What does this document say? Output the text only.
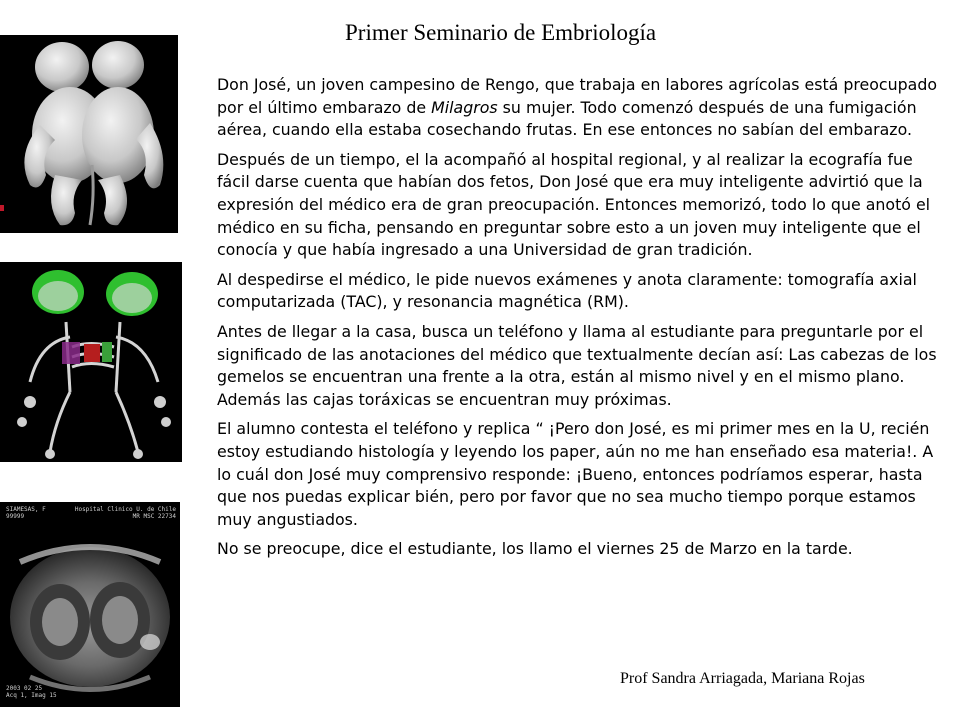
Primer Seminario de Embriología
SIAMESAS, F
99999
Hospital Clinico U. de Chile
MR MSC 22734
2003 02 25
Acq 1, Imag 15

Don José, un joven campesino de Rengo, que trabaja en labores agrícolas está preocupado por el último embarazo de Milagros su mujer. Todo comenzó después de una fumigación aérea, cuando ella estaba cosechando frutas. En ese entonces no sabían del embarazo.

Después de un tiempo, el la acompañó al hospital regional, y al realizar la ecografía fue fácil darse cuenta que habían dos fetos, Don José que era muy inteligente advirtió que la expresión del médico era de gran preocupación. Entonces memorizó, todo lo que anotó el médico en su ficha, pensando en preguntar sobre esto a un joven muy inteligente que el conocía y que había ingresado a una Universidad de gran tradición.

Al despedirse el médico, le pide nuevos exámenes y anota claramente: tomografía axial computarizada (TAC), y resonancia magnética (RM).

Antes de llegar a la casa, busca un teléfono y llama al estudiante para preguntarle por el significado de las anotaciones del médico que textualmente decían así: Las cabezas de los gemelos se encuentran una frente a la otra, están al mismo nivel y en el mismo plano. Además las cajas toráxicas se encuentran muy próximas.

El alumno contesta el teléfono y replica “ ¡Pero don José, es mi primer mes en la U, recién estoy estudiando histología y leyendo los paper, aún no me han enseñado esa materia!. A lo cuál don José muy comprensivo responde: ¡Bueno, entonces podríamos esperar, hasta que nos puedas explicar bién, pero por favor que no sea mucho tiempo porque estamos muy angustiados.

No se preocupe, dice el estudiante, los llamo el viernes 25 de Marzo en la tarde.

Prof Sandra Arriagada, Mariana Rojas
